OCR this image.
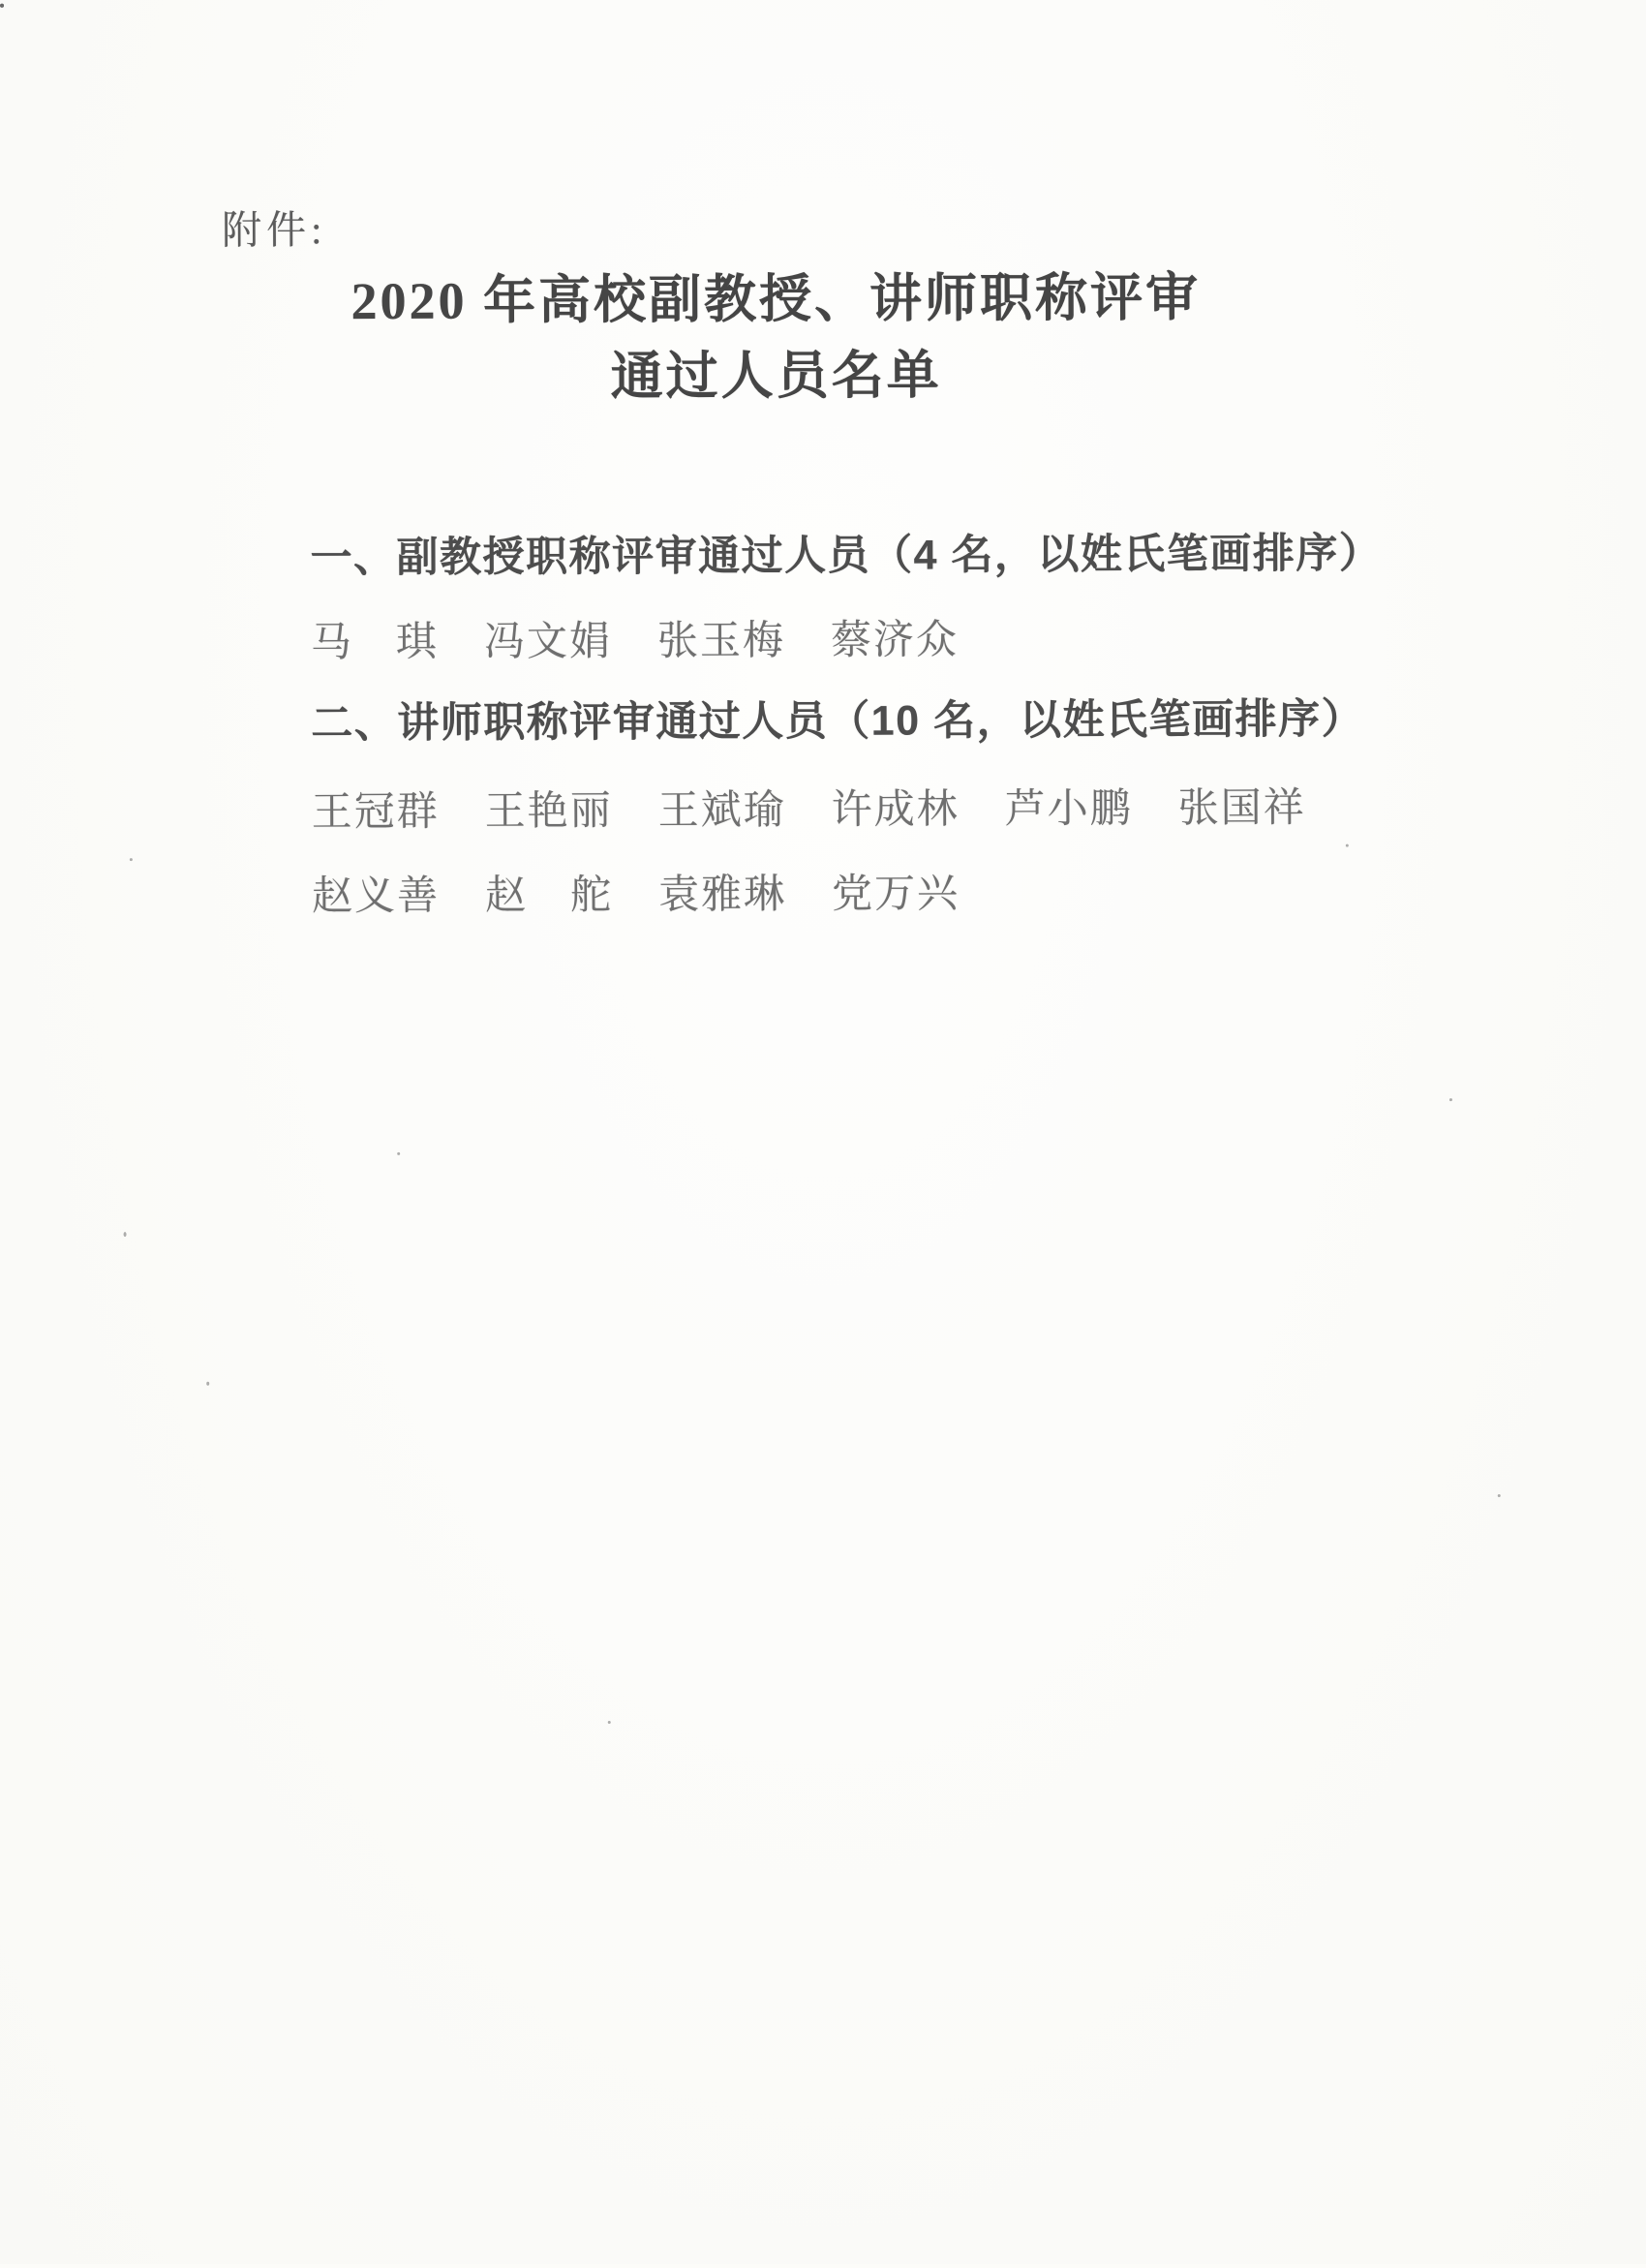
附件:
2020 年高校副教授、讲师职称评审
通过人员名单
一、副教授职称评审通过人员（4 名，以姓氏笔画排序）
马　琪 冯文娟 张玉梅 蔡济众
二、讲师职称评审通过人员（10 名，以姓氏笔画排序）
王冠群 王艳丽 王斌瑜 许成林 芦小鹏 张国祥
赵义善 赵　舵 袁雅琳 党万兴
